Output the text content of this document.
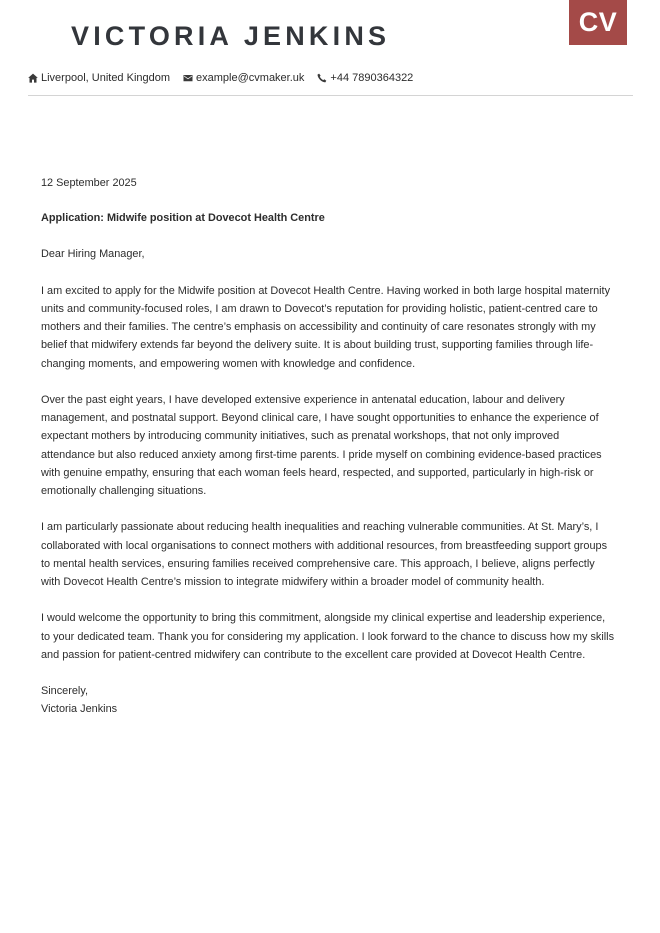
VICTORIA JENKINS	CV
Liverpool, United Kingdom example@cvmaker.uk +44 7890364322

12 September 2025

Application: Midwife position at Dovecot Health Centre

Dear Hiring Manager,

I am excited to apply for the Midwife position at Dovecot Health Centre. Having worked in both large hospital maternity units and community-focused roles, I am drawn to Dovecot’s reputation for providing holistic, patient-centred care to mothers and their families. The centre’s emphasis on accessibility and continuity of care resonates strongly with my belief that midwifery extends far beyond the delivery suite. It is about building trust, supporting families through life-changing moments, and empowering women with knowledge and confidence.

Over the past eight years, I have developed extensive experience in antenatal education, labour and delivery management, and postnatal support. Beyond clinical care, I have sought opportunities to enhance the experience of expectant mothers by introducing community initiatives, such as prenatal workshops, that not only improved attendance but also reduced anxiety among first-time parents. I pride myself on combining evidence-based practices with genuine empathy, ensuring that each woman feels heard, respected, and supported, particularly in high-risk or emotionally challenging situations.

I am particularly passionate about reducing health inequalities and reaching vulnerable communities. At St. Mary’s, I collaborated with local organisations to connect mothers with additional resources, from breastfeeding support groups to mental health services, ensuring families received comprehensive care. This approach, I believe, aligns perfectly with Dovecot Health Centre’s mission to integrate midwifery within a broader model of community health.

I would welcome the opportunity to bring this commitment, alongside my clinical expertise and leadership experience, to your dedicated team. Thank you for considering my application. I look forward to the chance to discuss how my skills and passion for patient-centred midwifery can contribute to the excellent care provided at Dovecot Health Centre.

Sincerely,

Victoria Jenkins
